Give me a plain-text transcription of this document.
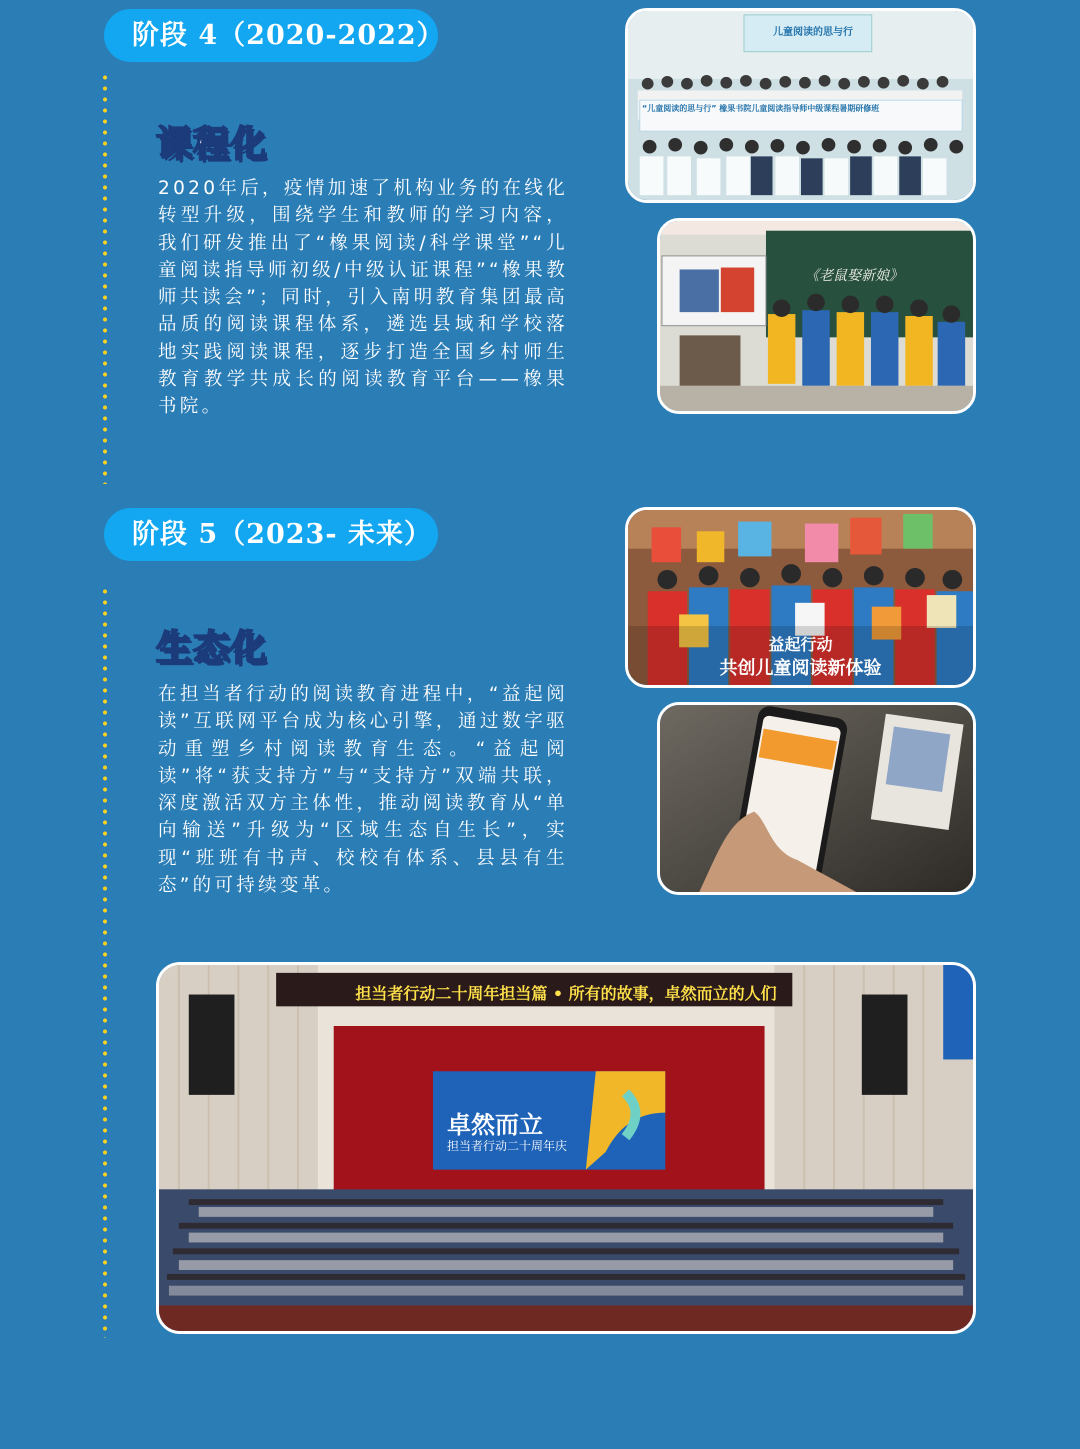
阶段 4（2020-2022）
课程化

2020年后，疫情加速了机构业务的在线化转型升级，围绕学生和教师的学习内容，我们研发推出了“橡果阅读/科学课堂”“儿童阅读指导师初级/中级认证课程”“橡果教师共读会”；同时，引入南明教育集团最高品质的阅读课程体系，遴选县域和学校落地实践阅读课程，逐步打造全国乡村师生教育教学共成长的阅读教育平台——橡果书院。

儿童阅读的思与行
“儿童阅读的思与行” 橡果书院儿童阅读指导师中级课程暑期研修班
《老鼠娶新娘》
阶段 5（2023- 未来）
生态化

在担当者行动的阅读教育进程中，“益起阅读”互联网平台成为核心引擎，通过数字驱动重塑乡村阅读教育生态。“益起阅读”将“获支持方”与“支持方”双端共联，深度激活双方主体性，推动阅读教育从“单向输送”升级为“区域生态自生长”，实现“班班有书声、校校有体系、县县有生态”的可持续变革。

益起行动
共创儿童阅读新体验
担当者行动二十周年担当篇 • 所有的故事，卓然而立的人们
卓然而立
担当者行动二十周年庆
